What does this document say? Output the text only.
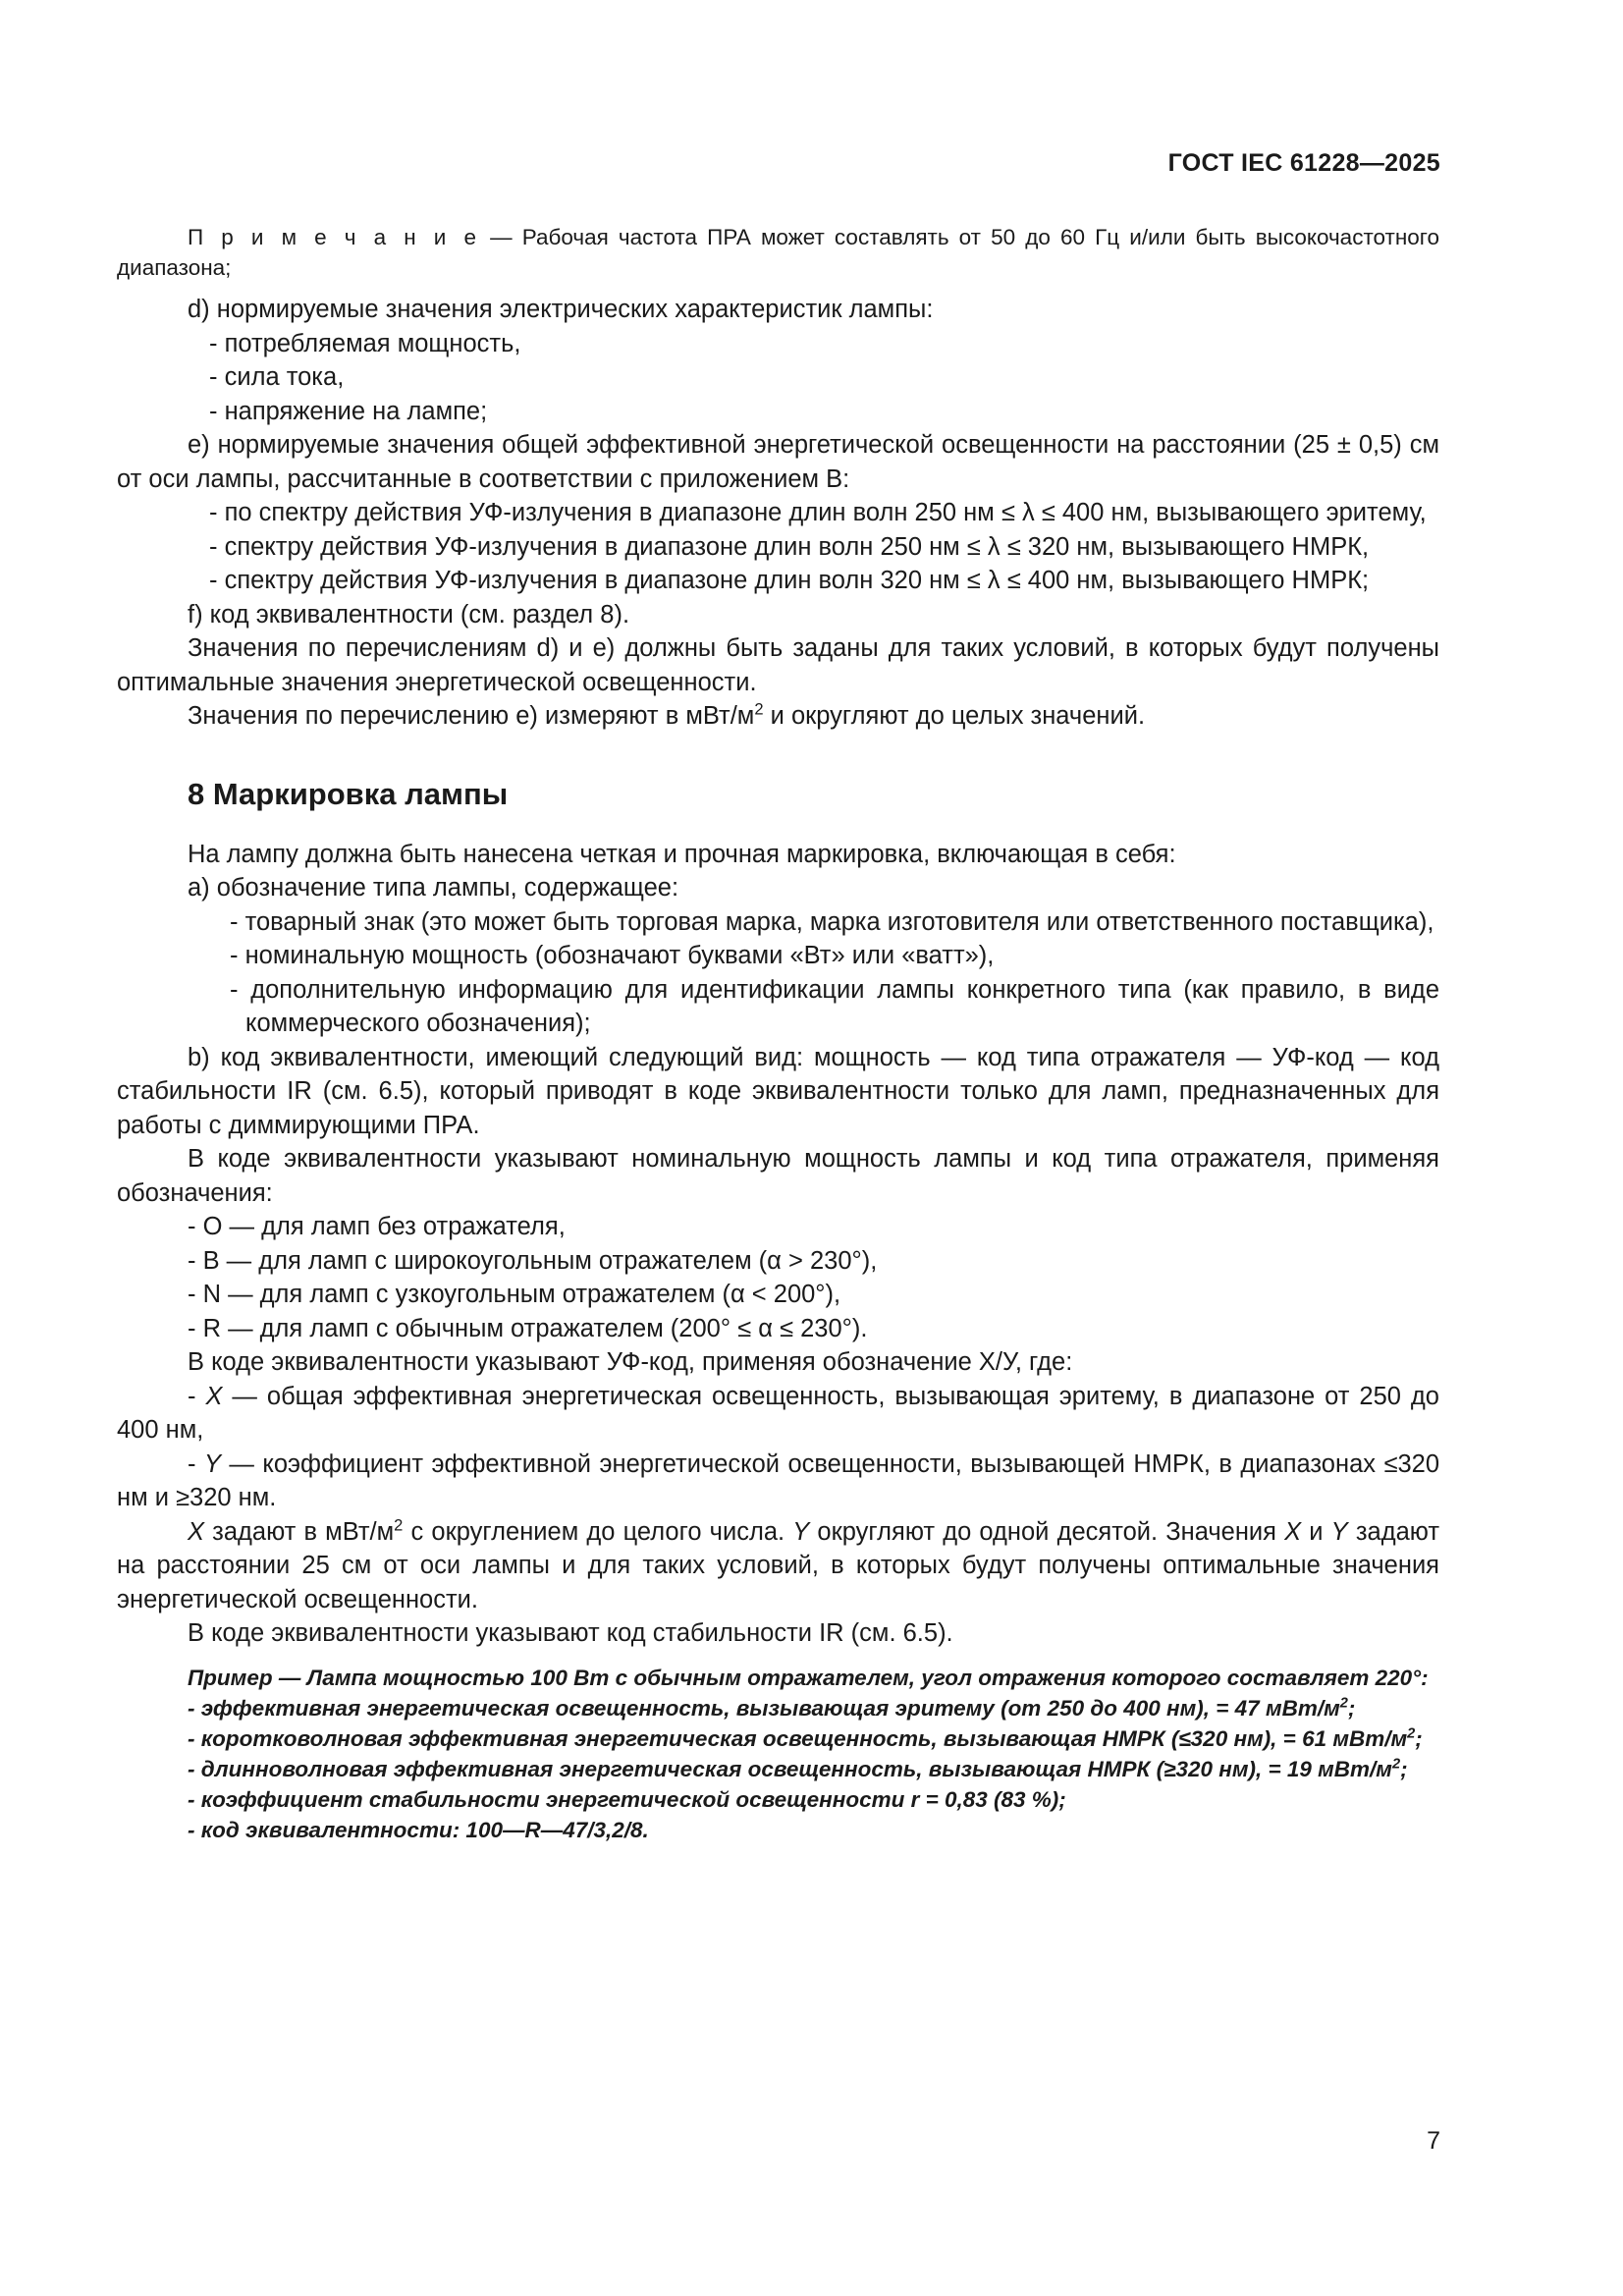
ГОСТ IEC 61228—2025

П р и м е ч а н и е — Рабочая частота ПРА может составлять от 50 до 60 Гц и/или быть высокочастотного диапазона;

d) нормируемые значения электрических характеристик лампы:

- потребляемая мощность,

- сила тока,

- напряжение на лампе;

е) нормируемые значения общей эффективной энергетической освещенности на расстоянии (25 ± 0,5) см от оси лампы, рассчитанные в соответствии с приложением В:

- по спектру действия УФ-излучения в диапазоне длин волн 250 нм ≤ λ ≤ 400 нм, вызывающего эритему,

- спектру действия УФ-излучения в диапазоне длин волн 250 нм ≤ λ ≤ 320 нм, вызывающего НМРК,

- спектру действия УФ-излучения в диапазоне длин волн 320 нм ≤ λ ≤ 400 нм, вызывающего НМРК;

f) код эквивалентности (см. раздел 8).

Значения по перечислениям d) и е) должны быть заданы для таких условий, в которых будут получены оптимальные значения энергетической освещенности.

Значения по перечислению е) измеряют в мВт/$м^2$ и округляют до целых значений.

8 Маркировка лампы

На лампу должна быть нанесена четкая и прочная маркировка, включающая в себя:

а) обозначение типа лампы, содержащее:

- товарный знак (это может быть торговая марка, марка изготовителя или ответственного поставщика),

- номинальную мощность (обозначают буквами «Вт» или «ватт»),

- дополнительную информацию для идентификации лампы конкретного типа (как правило, в виде коммерческого обозначения);

b) код эквивалентности, имеющий следующий вид: мощность — код типа отражателя — УФ-код — код стабильности IR (см. 6.5), который приводят в коде эквивалентности только для ламп, предназначенных для работы с диммирующими ПРА.

В коде эквивалентности указывают номинальную мощность лампы и код типа отражателя, применяя обозначения:

- О — для ламп без отражателя,

- В — для ламп с широкоугольным отражателем (α > 230°),

- N — для ламп с узкоугольным отражателем (α < 200°),

- R — для ламп с обычным отражателем (200° ≤ α ≤ 230°).

В коде эквивалентности указывают УФ-код, применяя обозначение Х/У, где:

- X — общая эффективная энергетическая освещенность, вызывающая эритему, в диапазоне от 250 до 400 нм,

- Y — коэффициент эффективной энергетической освещенности, вызывающей НМРК, в диапазонах ≤320 нм и ≥320 нм.

X задают в мВт/$м^2$ с округлением до целого числа. Y округляют до одной десятой. Значения X и Y задают на расстоянии 25 см от оси лампы и для таких условий, в которых будут получены оптимальные значения энергетической освещенности.

В коде эквивалентности указывают код стабильности IR (см. 6.5).

Пример — Лампа мощностью 100 Вт с обычным отражателем, угол отражения которого составляет 220°:

- эффективная энергетическая освещенность, вызывающая эритему (от 250 до 400 нм), = 47 мВт/$м^2$;

- коротковолновая эффективная энергетическая освещенность, вызывающая НМРК (≤320 нм), = 61 мВт/$м^2$;

- длинноволновая эффективная энергетическая освещенность, вызывающая НМРК (≥320 нм), = 19 мВт/$м^2$;

- коэффициент стабильности энергетической освещенности r = 0,83 (83 %);

- код эквивалентности: 100—R—47/3,2/8.

7
